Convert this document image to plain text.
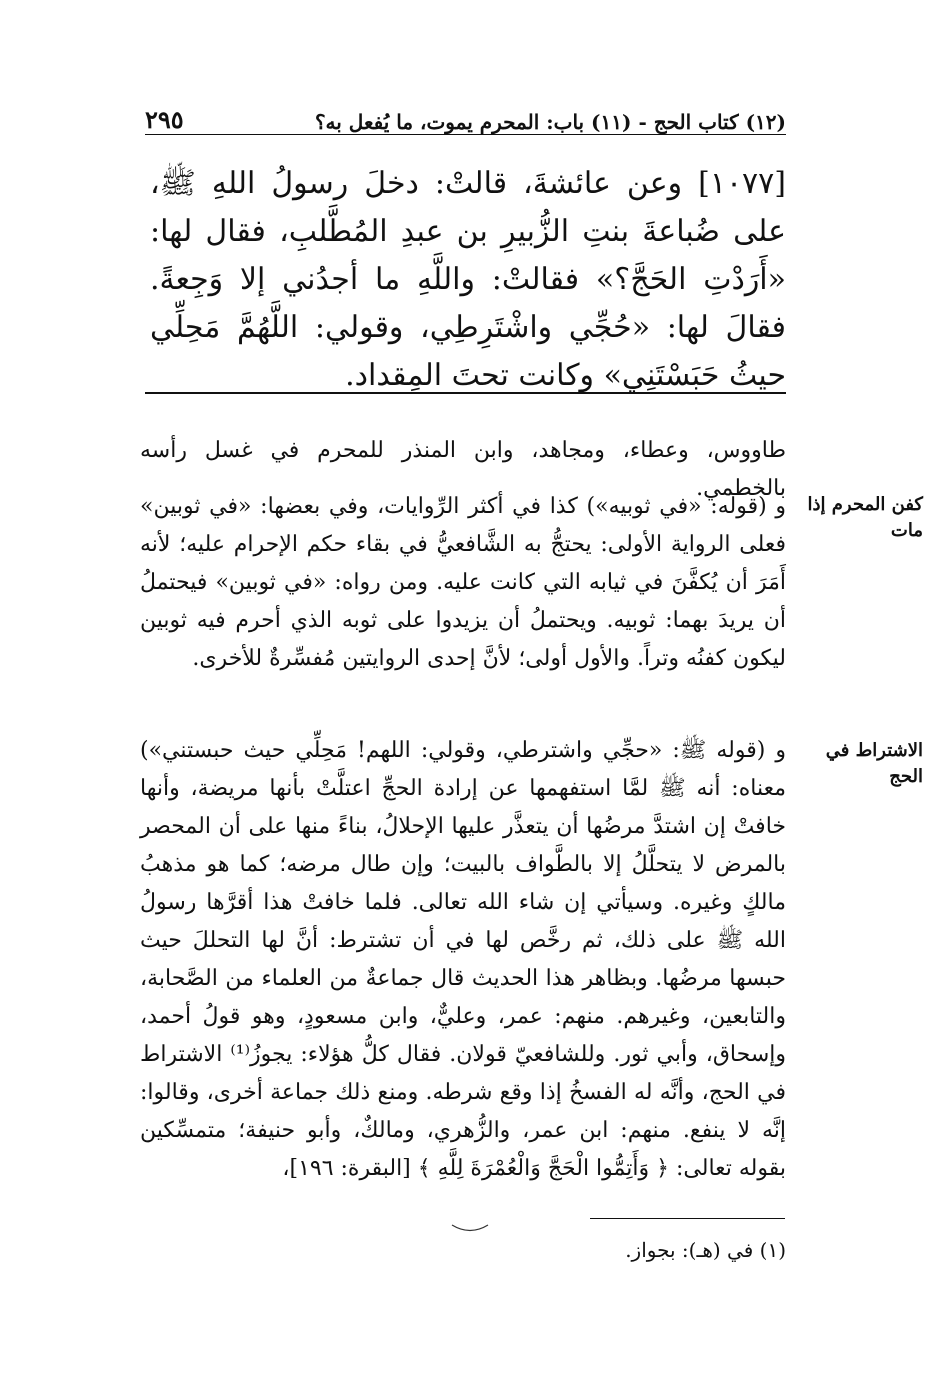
(١٢) كتاب الحج - (١١) باب: المحرم يموت، ما يُفعل به؟
٢٩٥

[١٠٧٧] وعن عائشةَ، قالتْ: دخلَ رسولُ اللهِ ﷺ، على ضُباعةَ بنتِ الزُّبيرِ بن عبدِ المُطَّلبِ، فقال لها: «أَرَدْتِ الحَجَّ؟» فقالتْ: واللَّهِ ما أجدُني إلا وَجِعةً. فقالَ لها: «حُجِّي واشْتَرِطِي، وقولي: اللَّهُمَّ مَحِلِّي حيثُ حَبَسْتَنِي» وكانت تحتَ المِقداد.

طاووس، وعطاء، ومجاهد، وابن المنذر للمحرم في غسل رأسه بالخطمي.

و (قوله: «في ثوبيه») كذا في أكثر الرِّوايات، وفي بعضها: «في ثوبين» فعلى الرواية الأولى: يحتجُّ به الشَّافعيُّ في بقاء حكم الإحرام عليه؛ لأنه أَمَرَ أن يُكفَّنَ في ثيابه التي كانت عليه. ومن رواه: «في ثوبين» فيحتملُ أن يريدَ بهما: ثوبيه. ويحتملُ أن يزيدوا على ثوبه الذي أحرم فيه ثوبين ليكون كفنُه وتراً. والأول أولى؛ لأنَّ إحدى الروايتين مُفسِّرةٌ للأخرى.

و (قوله ﷺ: «حجِّي واشترطي، وقولي: اللهم! مَحِلِّي حيث حبستني») معناه: أنه ﷺ لمَّا استفهمها عن إرادة الحجِّ اعتلَّتْ بأنها مريضة، وأنها خافتْ إن اشتدَّ مرضُها أن يتعذَّر عليها الإحلالُ، بناءً منها على أن المحصر بالمرض لا يتحلَّلُ إلا بالطَّواف بالبيت؛ وإن طال مرضه؛ كما هو مذهبُ مالكٍ وغيره. وسيأتي إن شاء الله تعالى. فلما خافتْ هذا أقرَّها رسولُ الله ﷺ على ذلك، ثم رخَّص لها في أن تشترط: أنَّ لها التحللَ حيث حبسها مرضُها. وبظاهر هذا الحديث قال جماعةٌ من العلماء من الصَّحابة، والتابعين، وغيرهم. منهم: عمر، وعليٌّ، وابن مسعودٍ، وهو قولُ أحمد، وإسحاق، وأبي ثور. وللشافعيّ قولان. فقال كلُّ هؤلاء: يجوزُ⁽¹⁾ الاشتراط في الحج، وأنَّه له الفسخُ إذا وقع شرطه. ومنع ذلك جماعة أخرى، وقالوا: إنَّه لا ينفع. منهم: ابن عمر، والزُّهري، ومالكٌ، وأبو حنيفة؛ متمسِّكين بقوله تعالى: ﴿ وَأَتِمُّوا الْحَجَّ وَالْعُمْرَةَ لِلَّهِ ﴾ [البقرة: ١٩٦]،

كفن المحرم إذا مات
الاشتراط في الحج

(١) في (هـ): بجواز.
